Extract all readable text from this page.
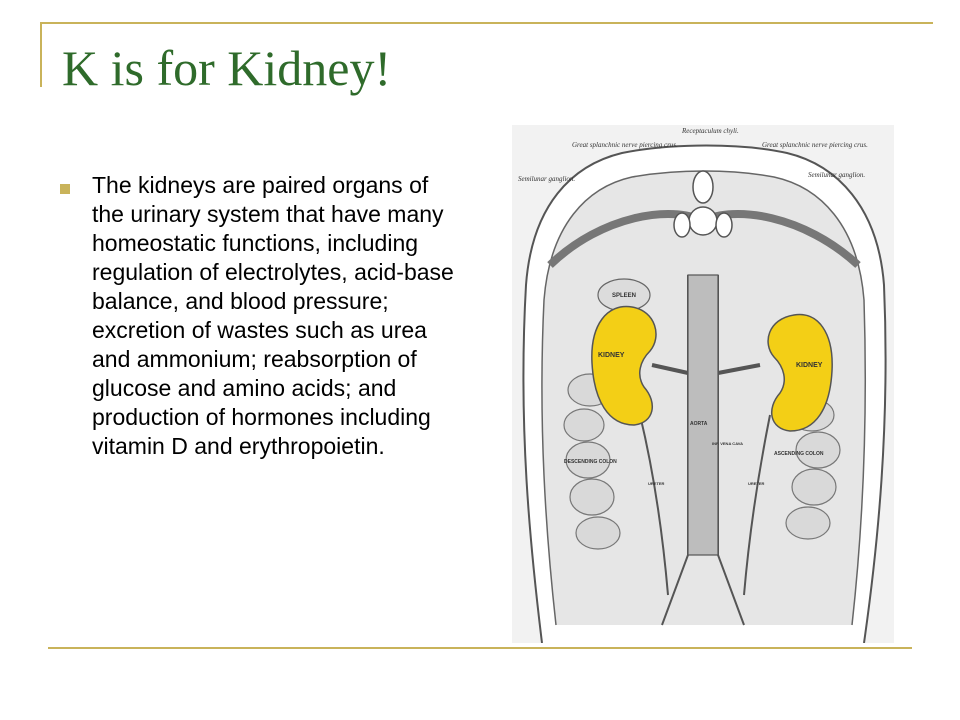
K is for Kidney!
The kidneys are paired organs of the urinary system that have many homeostatic functions, including regulation of electrolytes, acid-base balance, and blood pressure; excretion of wastes such as urea and ammonium; reabsorption of glucose and amino acids; and production of hormones including vitamin D and erythropoietin.
Receptaculum chyli.
Great splanchnic nerve piercing crus.	Great splanchnic nerve piercing crus.
Semilunar ganglion.	Semilunar ganglion.
KIDNEY
KIDNEY
SPLEEN
DESCENDING COLON
ASCENDING COLON
AORTA
INF. VENA CAVA
URETER	URETER
